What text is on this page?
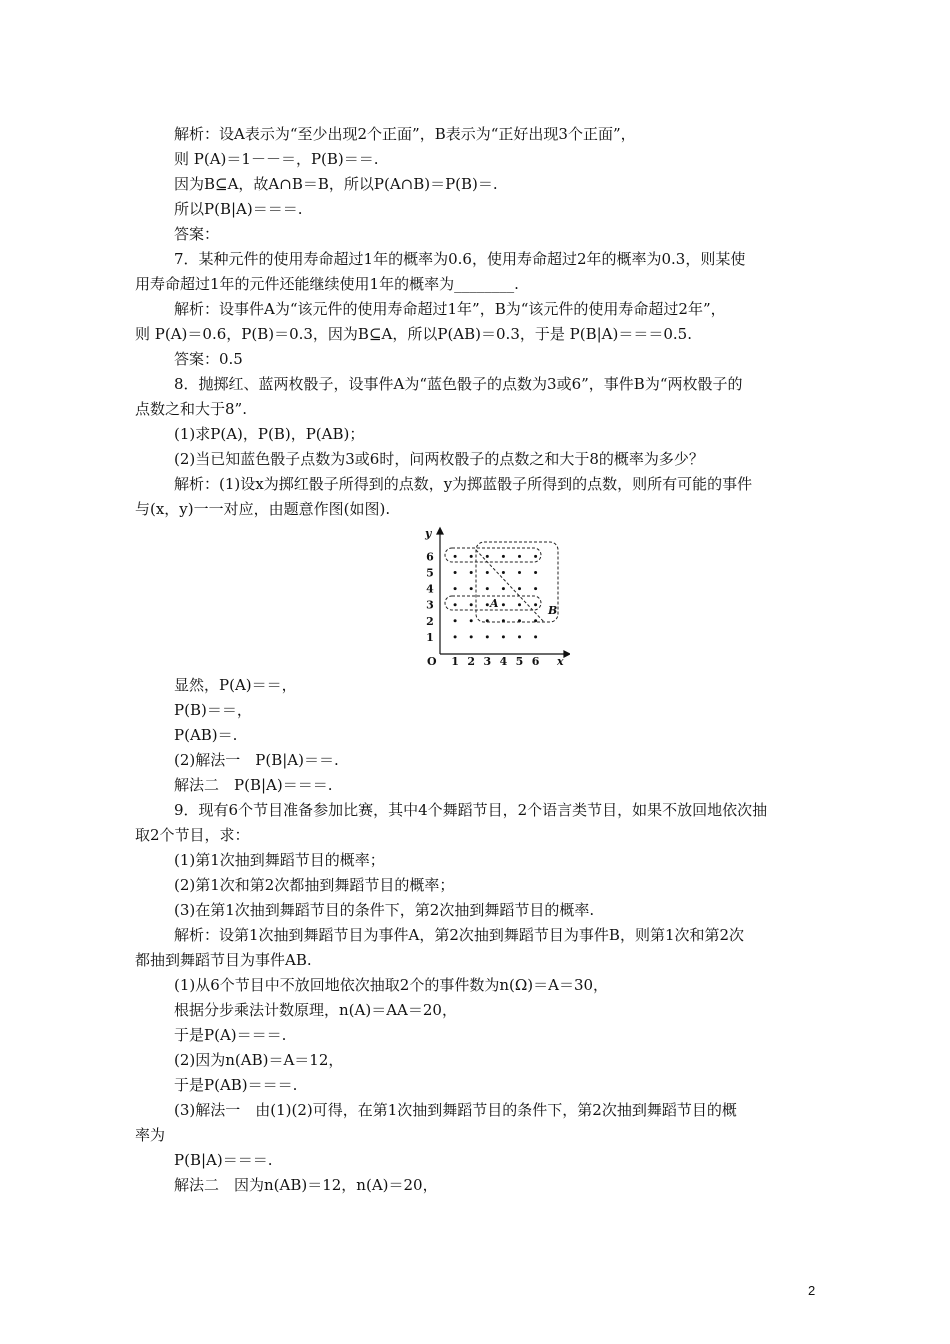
解析：设A表示为“至少出现2个正面”，B表示为“正好出现3个正面”，
则 P(A)＝1－－＝，P(B)＝＝.
因为B⊆A，故A∩B＝B，所以P(A∩B)＝P(B)＝.
所以P(B|A)＝＝＝.
答案：
7．某种元件的使用寿命超过1年的概率为0.6，使用寿命超过2年的概率为0.3，则某使
用寿命超过1年的元件还能继续使用1年的概率为________.
解析：设事件A为“该元件的使用寿命超过1年”，B为“该元件的使用寿命超过2年”，
则 P(A)＝0.6，P(B)＝0.3，因为B⊆A，所以P(AB)＝0.3，于是 P(B|A)＝＝＝0.5.
答案：0.5
8．抛掷红、蓝两枚骰子，设事件A为“蓝色骰子的点数为3或6”，事件B为“两枚骰子的
点数之和大于8”.
(1)求P(A)，P(B)，P(AB)；
(2)当已知蓝色骰子点数为3或6时，问两枚骰子的点数之和大于8的概率为多少？
解析：(1)设x为掷红骰子所得到的点数，y为掷蓝骰子所得到的点数，则所有可能的事件
与(x，y)一一对应，由题意作图(如图).
显然，P(A)＝＝，
P(B)＝＝，
P(AB)＝.
(2)解法一　P(B|A)＝＝.
解法二　P(B|A)＝＝＝.
9．现有6个节目准备参加比赛，其中4个舞蹈节目，2个语言类节目，如果不放回地依次抽
取2个节目，求：
(1)第1次抽到舞蹈节目的概率；
(2)第1次和第2次都抽到舞蹈节目的概率；
(3)在第1次抽到舞蹈节目的条件下，第2次抽到舞蹈节目的概率.
解析：设第1次抽到舞蹈节目为事件A，第2次抽到舞蹈节目为事件B，则第1次和第2次
都抽到舞蹈节目为事件AB.
(1)从6个节目中不放回地依次抽取2个的事件数为n(Ω)＝A＝30，
根据分步乘法计数原理，n(A)＝AA＝20，
于是P(A)＝＝＝.
(2)因为n(AB)＝A＝12，
于是P(AB)＝＝＝.
(3)解法一　由(1)(2)可得，在第1次抽到舞蹈节目的条件下，第2次抽到舞蹈节目的概
率为
P(B|A)＝＝＝.
解法二　因为n(AB)＝12，n(A)＝20，
O	x
y
1 2 3 4 5 6
1
2
3
4
5
6
A
B
2
